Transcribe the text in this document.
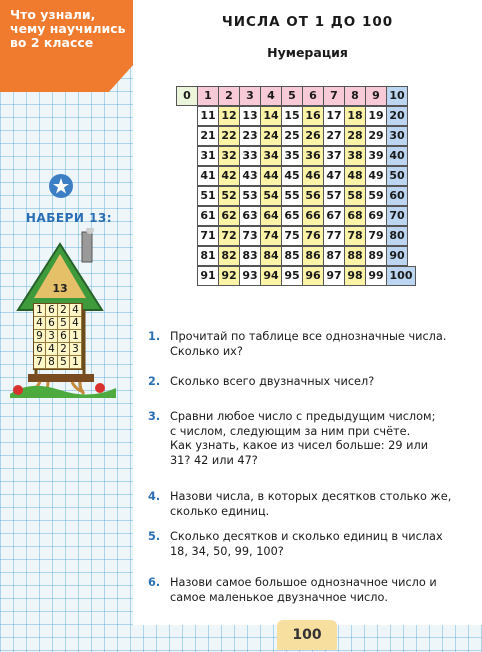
Что узнали,
чему научились
во 2 классе
НАБЕРИ 13:
13
1 6 2 4
4 6 5 4
9 3 6 1
6 4 2 3
7 8 5 1
ЧИСЛА ОТ 1 ДО 100
Нумерация
0	1	2	3	4	5	6	7	8	9 10
11 12 13 14 15 16 17 18 19 20
21 22 23 24 25 26 27 28 29 30
31 32 33 34 35 36 37 38 39 40
41 42 43 44 45 46 47 48 49 50
51 52 53 54 55 56 57 58 59 60
61 62 63 64 65 66 67 68 69 70
71 72 73 74 75 76 77 78 79 80
81 82 83 84 85 86 87 88 89 90
91 92 93 94 95 96 97 98 99 100
1. Прочитай по таблице все однозначные числа.
Сколько их?
2. Сколько всего двузначных чисел?
3. Сравни любое число с предыдущим числом;
с числом, следующим за ним при счёте.
Как узнать, какое из чисел больше: 29 или
31? 42 или 47?
4. Назови числа, в которых десятков столько же,
сколько единиц.
5. Сколько десятков и сколько единиц в числах
18, 34, 50, 99, 100?
6. Назови самое большое однозначное число и
самое маленькое двузначное число.
100
